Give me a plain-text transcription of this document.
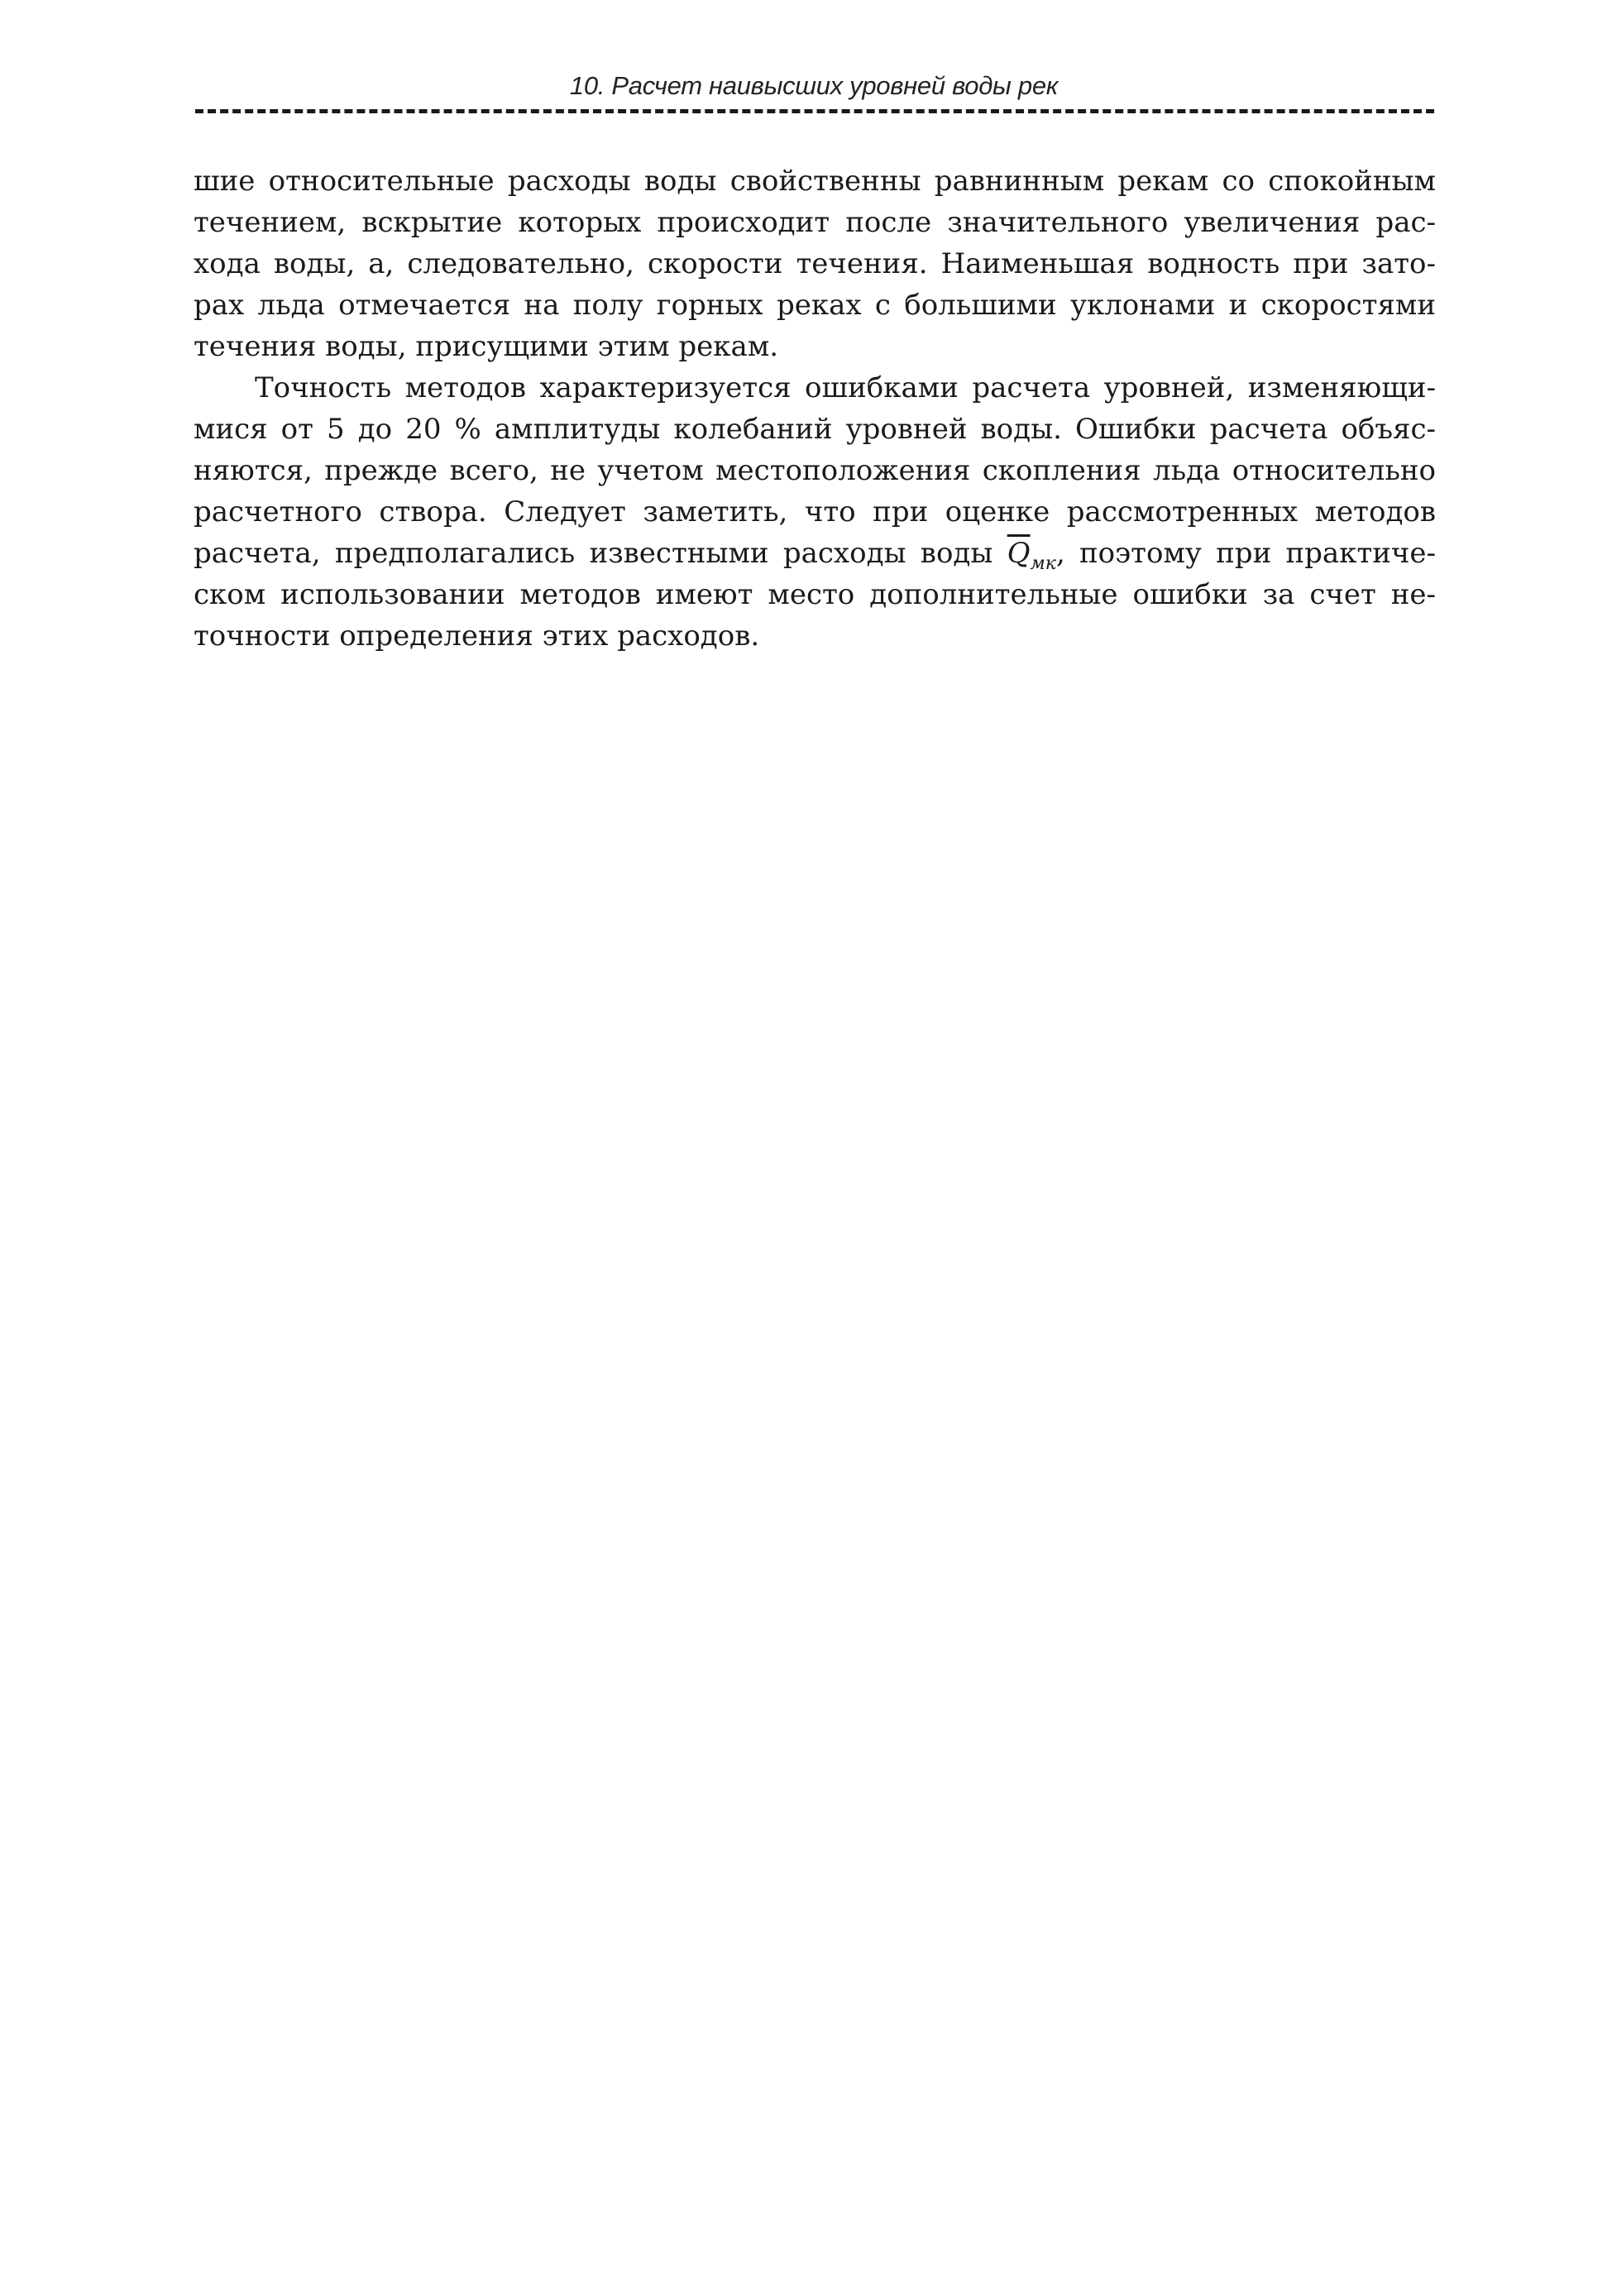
10. Расчет наивысших уровней воды рек
шие относительные расходы воды свойственны равнинным рекам со спокойным
течением, вскрытие которых происходит после значительного увеличения рас-
хода воды, а, следовательно, скорости течения. Наименьшая водность при зато-
рах льда отмечается на полу горных реках с большими уклонами и скоростями
течения воды, присущими этим рекам.
Точность методов характеризуется ошибками расчета уровней, изменяющи-
мися от 5 до 20 % амплитуды колебаний уровней воды. Ошибки расчета объяс-
няются, прежде всего, не учетом местоположения скопления льда относительно
расчетного створа. Следует заметить, что при оценке рассмотренных методов
расчета, предполагались известными расходы воды $\overline{Q}_{мк}$, поэтому при практиче-
ском использовании методов имеют место дополнительные ошибки за счет не-
точности определения этих расходов.
